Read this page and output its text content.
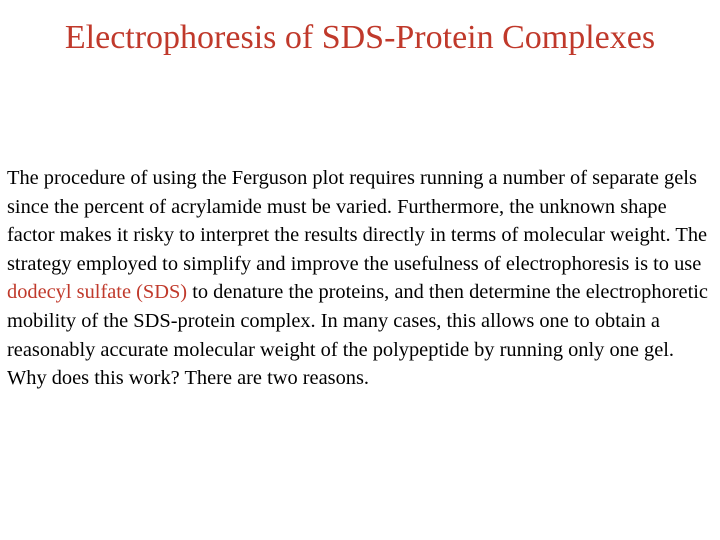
Electrophoresis of SDS-Protein Complexes

The procedure of using the Ferguson plot requires running a number of separate gels since the percent of acrylamide must be varied. Furthermore, the unknown shape factor makes it risky to interpret the results directly in terms of molecular weight. The strategy employed to simplify and improve the usefulness of electrophoresis is to use dodecyl sulfate (SDS) to denature the proteins, and then determine the electrophoretic mobility of the SDS-protein complex. In many cases, this allows one to obtain a reasonably accurate molecular weight of the polypeptide by running only one gel.

Why does this work? There are two reasons.
